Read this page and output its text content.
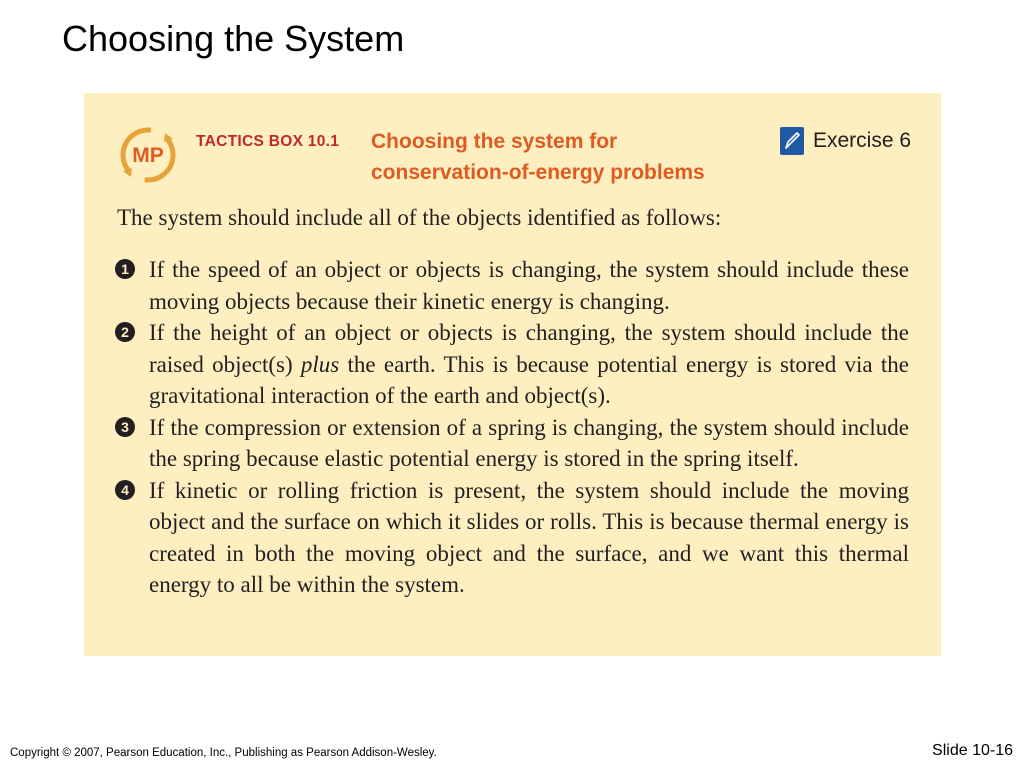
Choosing the System
MP
TACTICS BOX 10.1 Choosing the system for
conservation-of-energy problems
Exercise 6
The system should include all of the objects identified as follows:
1 If the speed of an object or objects is changing, the system should include these moving objects because their kinetic energy is changing.
2 If the height of an object or objects is changing, the system should include the raised object(s) plus the earth. This is because potential energy is stored via the gravitational interaction of the earth and object(s).
3 If the compression or extension of a spring is changing, the system should include the spring because elastic potential energy is stored in the spring itself.
4 If kinetic or rolling friction is present, the system should include the moving object and the surface on which it slides or rolls. This is because thermal energy is created in both the moving object and the surface, and we want this thermal energy to all be within the system.
Copyright © 2007, Pearson Education, Inc., Publishing as Pearson Addison-Wesley.	Slide 10-16
